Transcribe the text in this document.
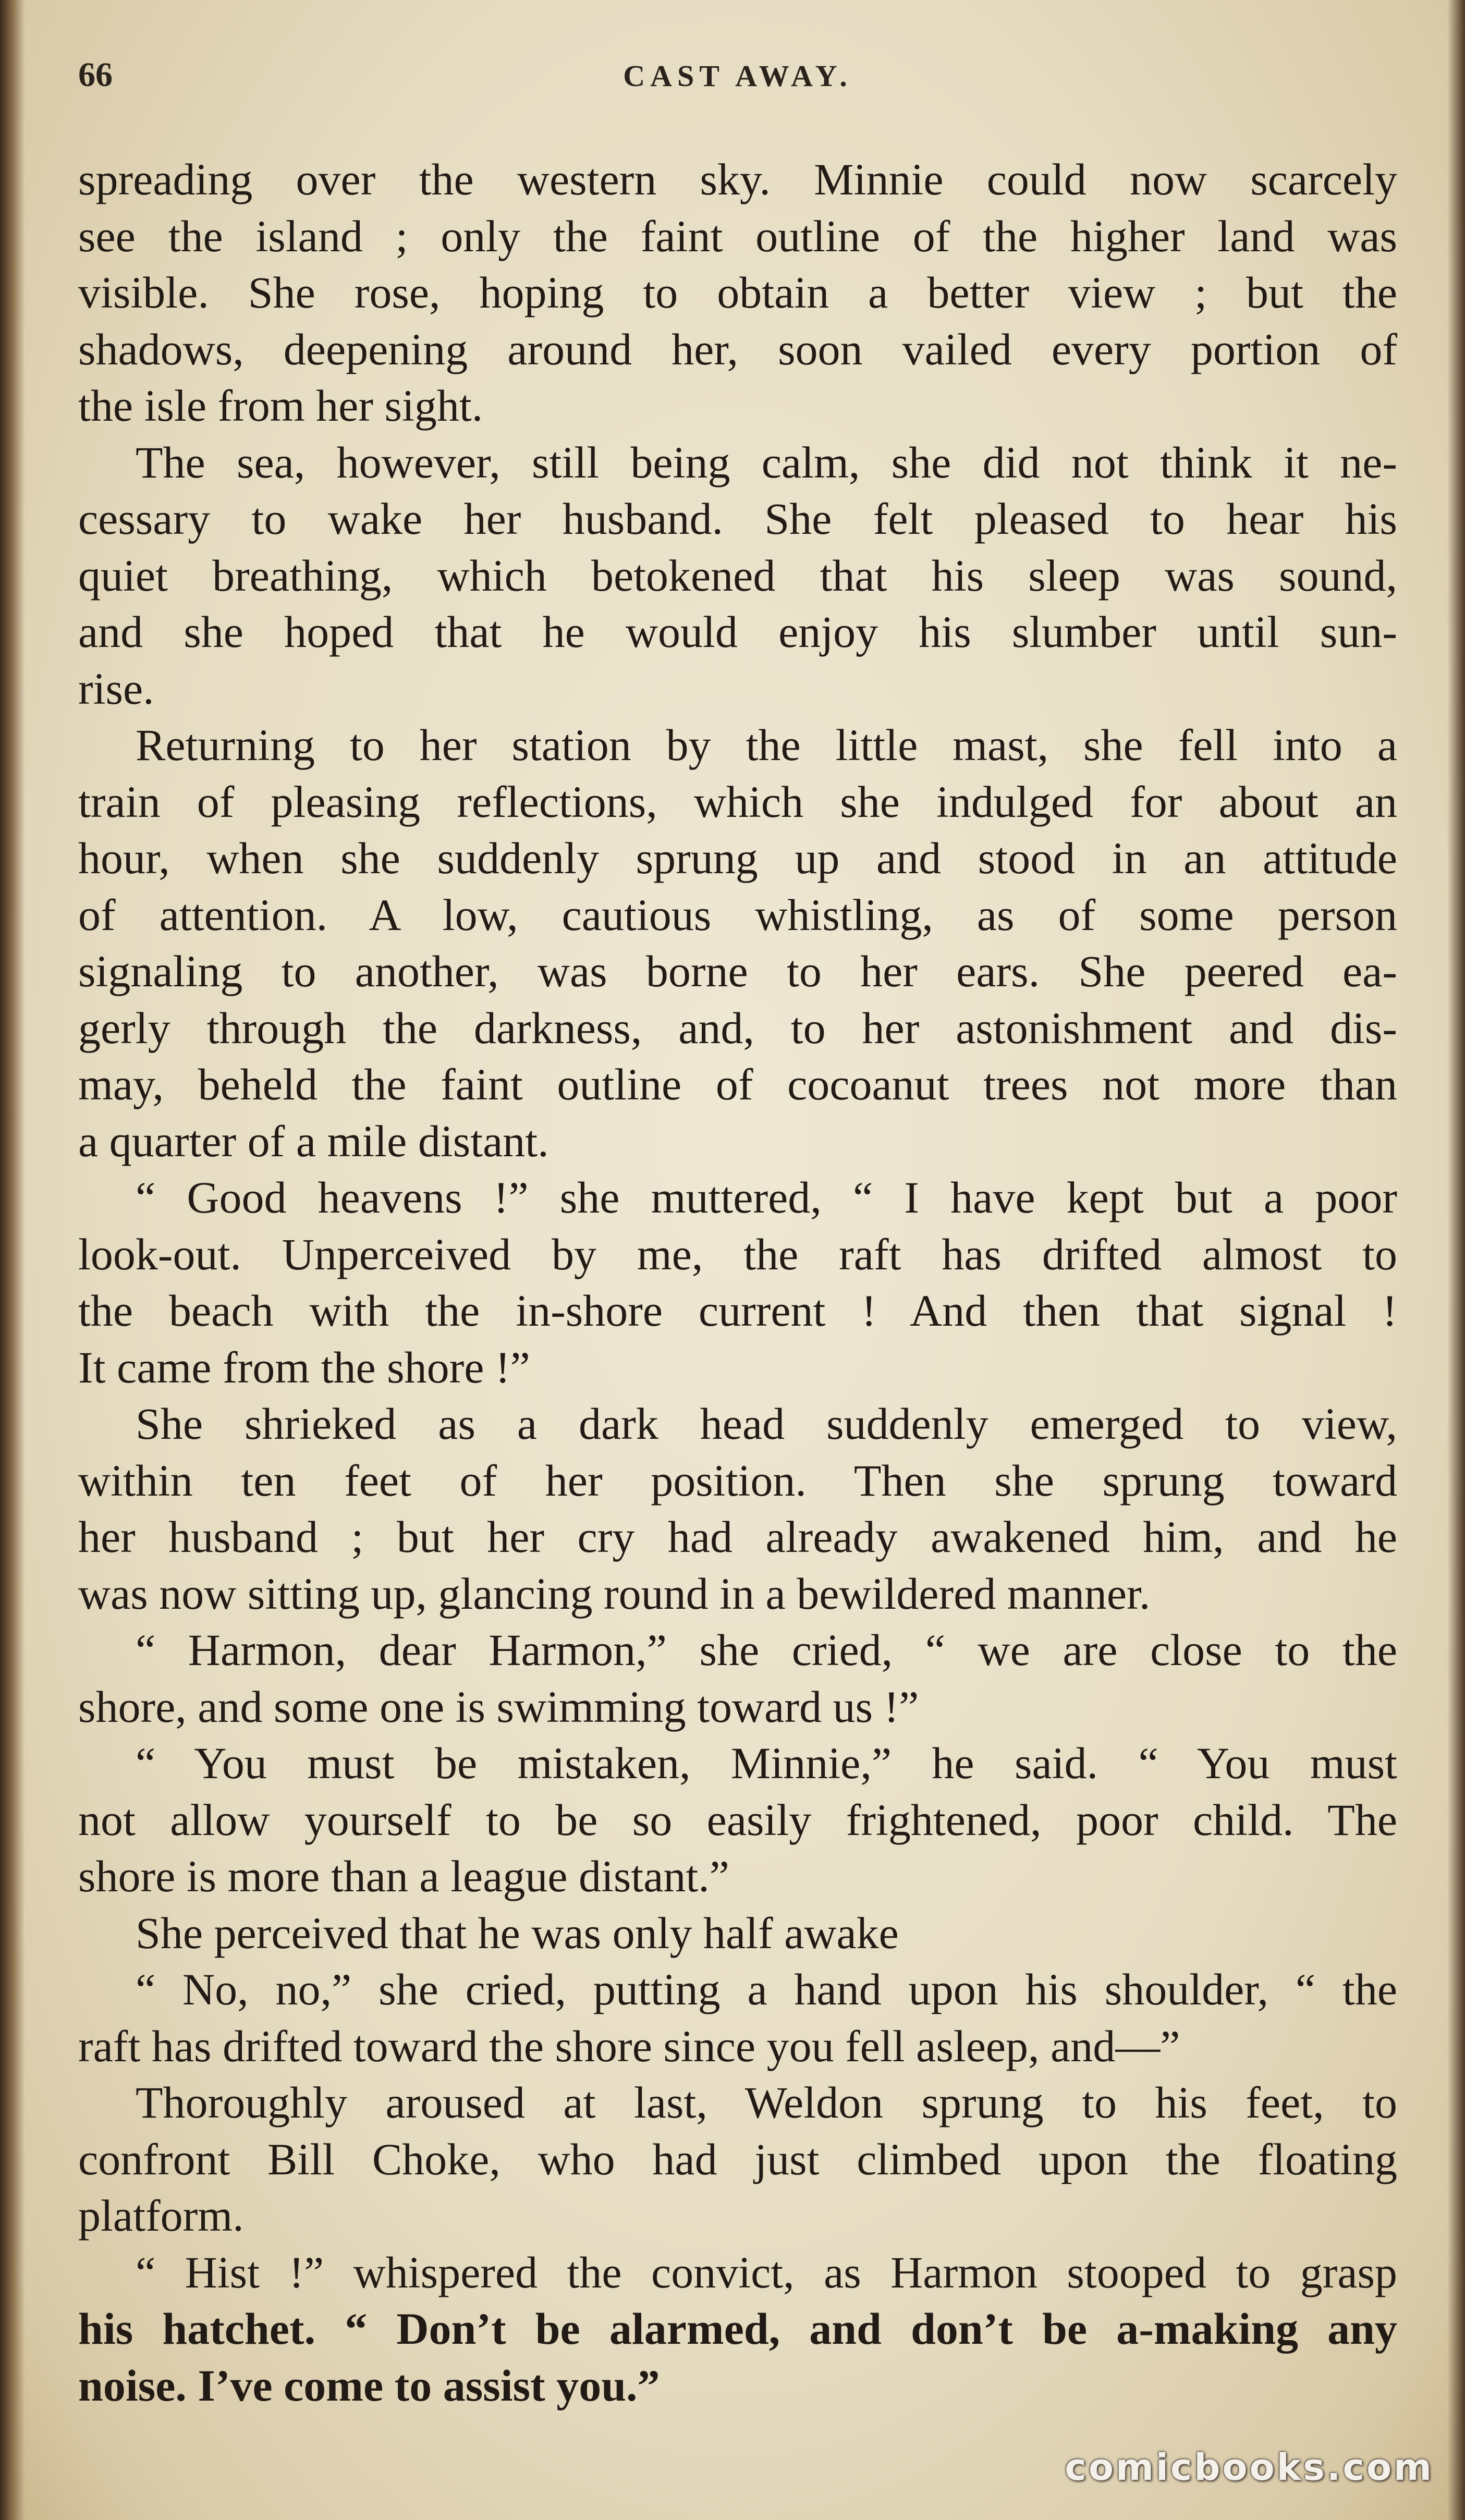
66	CAST AWAY.
spreading over the western sky. Minnie could now scarcely
see the island ; only the faint outline of the higher land was
visible. She rose, hoping to obtain a better view ; but the
shadows, deepening around her, soon vailed every portion of
the isle from her sight.
The sea, however, still being calm, she did not think it ne-
cessary to wake her husband. She felt pleased to hear his
quiet breathing, which betokened that his sleep was sound,
and she hoped that he would enjoy his slumber until sun-
rise.
Returning to her station by the little mast, she fell into a
train of pleasing reflections, which she indulged for about an
hour, when she suddenly sprung up and stood in an attitude
of attention. A low, cautious whistling, as of some person
signaling to another, was borne to her ears. She peered ea-
gerly through the darkness, and, to her astonishment and dis-
may, beheld the faint outline of cocoanut trees not more than
a quarter of a mile distant.
“ Good heavens !” she muttered, “ I have kept but a poor
look-out. Unperceived by me, the raft has drifted almost to
the beach with the in-shore current ! And then that signal !
It came from the shore !”
She shrieked as a dark head suddenly emerged to view,
within ten feet of her position. Then she sprung toward
her husband ; but her cry had already awakened him, and he
was now sitting up, glancing round in a bewildered manner.
“ Harmon, dear Harmon,” she cried, “ we are close to the
shore, and some one is swimming toward us !”
“ You must be mistaken, Minnie,” he said. “ You must
not allow yourself to be so easily frightened, poor child. The
shore is more than a league distant.”
She perceived that he was only half awake
“ No, no,” she cried, putting a hand upon his shoulder, “ the
raft has drifted toward the shore since you fell asleep, and—”
Thoroughly aroused at last, Weldon sprung to his feet, to
confront Bill Choke, who had just climbed upon the floating
platform.
“ Hist !” whispered the convict, as Harmon stooped to grasp
his hatchet. “ Don’t be alarmed, and don’t be a-making any
noise. I’ve come to assist you.”
comicbooks.com
